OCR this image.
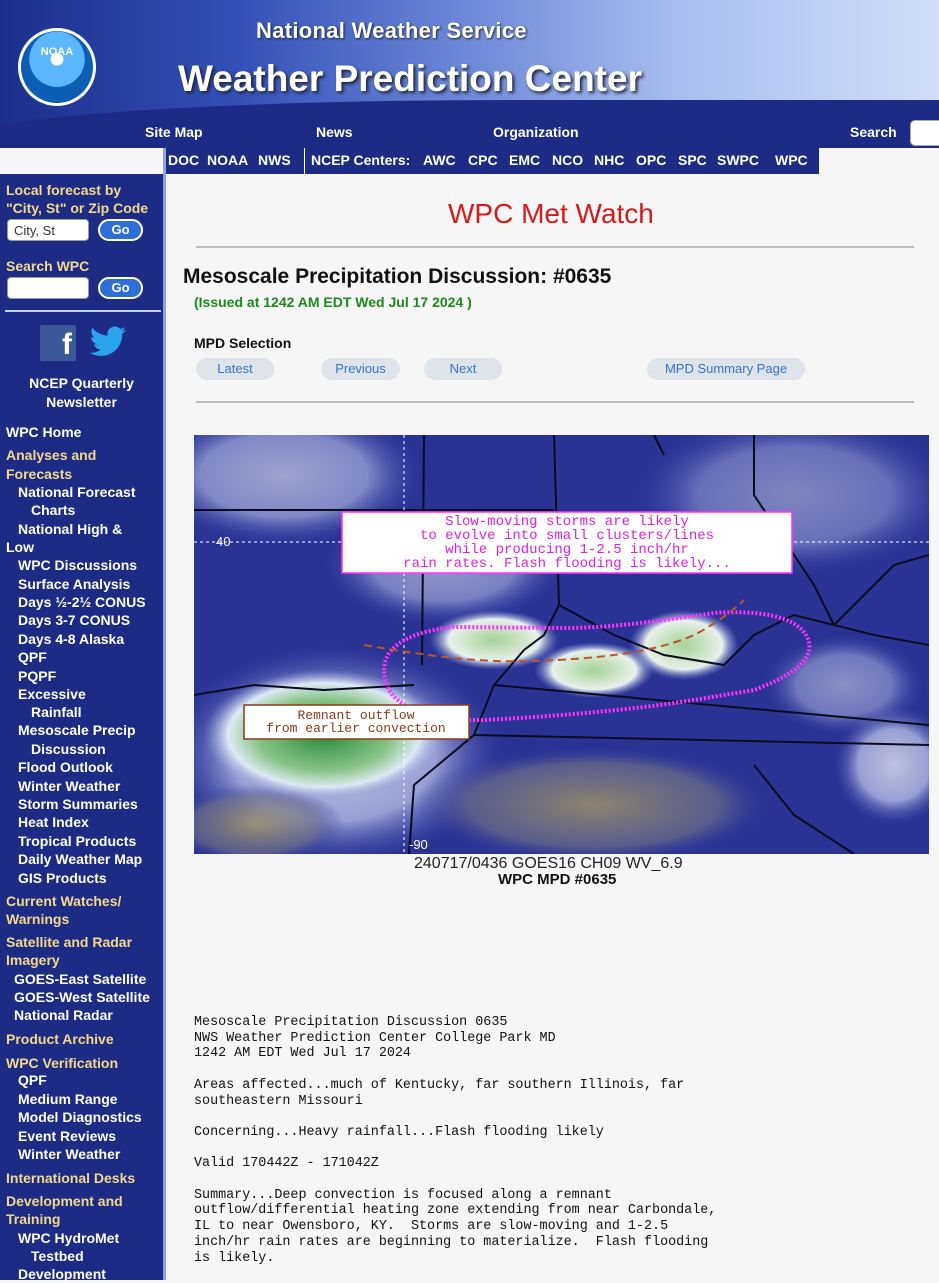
NOAA
National Weather Service
Weather Prediction Center
Site Map	News	Organization	Search
DOC NOAA NWS NCEP Centers: AWC CPC EMC NCO NHC OPC SPC SWPC WPC
Local forecast by
"City, St" or Zip Code
City, St	Go
Search WPC
Go
f
NCEP Quarterly
Newsletter
WPC Home
Analyses and
Forecasts
National Forecast
Charts
National High &
Low
WPC Discussions
Surface Analysis
Days ½-2½ CONUS
Days 3-7 CONUS
Days 4-8 Alaska
QPF
PQPF
Excessive
Rainfall
Mesoscale Precip
Discussion
Flood Outlook
Winter Weather
Storm Summaries
Heat Index
Tropical Products
Daily Weather Map
GIS Products
Current Watches/
Warnings
Satellite and Radar
Imagery
GOES-East Satellite
GOES-West Satellite
National Radar
Product Archive
WPC Verification
QPF
Medium Range
Model Diagnostics
Event Reviews
Winter Weather
International Desks
Development and
Training
WPC HydroMet
Testbed
Development
WPC Met Watch
Mesoscale Precipitation Discussion: #0635
(Issued at 1242 AM EDT Wed Jul 17 2024 )
MPD Selection
Latest	Previous	Next	MPD Summary Page
40
-90
Slow-moving storms are likely
to evolve into small clusters/lines
while producing 1-2.5 inch/hr
rain rates. Flash flooding is likely...
Remnant outflow
from earlier convection
240717/0436 GOES16 CH09 WV_6.9
WPC MPD #0635
Mesoscale Precipitation Discussion 0635
NWS Weather Prediction Center College Park MD
1242 AM EDT Wed Jul 17 2024

Areas affected...much of Kentucky, far southern Illinois, far
southeastern Missouri

Concerning...Heavy rainfall...Flash flooding likely

Valid 170442Z - 171042Z

Summary...Deep convection is focused along a remnant
outflow/differential heating zone extending from near Carbondale,
IL to near Owensboro, KY.  Storms are slow-moving and 1-2.5
inch/hr rain rates are beginning to materialize.  Flash flooding
is likely.
